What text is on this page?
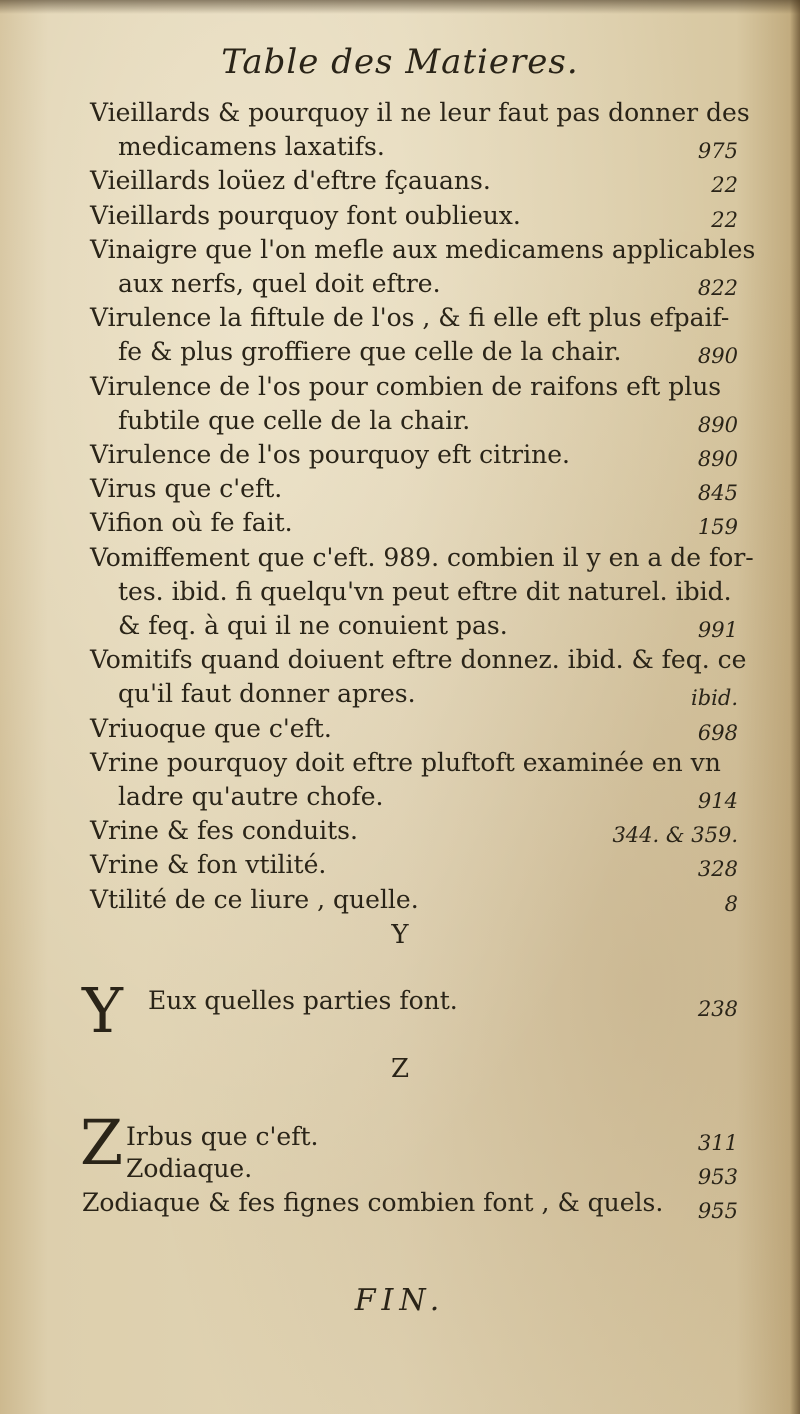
Table des Matieres.
Vieillards & pourquoy il ne leur faut pas donner des
medicamens laxatifs.	975
Vieillards loüez d'eftre fçauans.	22
Vieillards pourquoy font oublieux.	22
Vinaigre que l'on mefle aux medicamens applicables
aux nerfs, quel doit eftre.	822
Virulence la fiftule de l'os , & fi elle eft plus efpaif-
fe & plus groffiere que celle de la chair.	890
Virulence de l'os pour combien de raifons eft plus
fubtile que celle de la chair.	890
Virulence de l'os pourquoy eft citrine.	890
Virus que c'eft.	845
Vifion où fe fait.	159
Vomiffement que c'eft. 989. combien il y en a de for-
tes. ibid. fi quelqu'vn peut eftre dit naturel. ibid.
& feq. à qui il ne conuient pas.	991
Vomitifs quand doiuent eftre donnez. ibid. & feq. ce
qu'il faut donner apres.	ibid.
Vriuoque que c'eft.	698
Vrine pourquoy doit eftre pluftoft examinée en vn
ladre qu'autre chofe.	914
Vrine & fes conduits.	344. & 359.
Vrine & fon vtilité.	328
Vtilité de ce liure , quelle.	8
Y
Y Eux quelles parties font.	238
Z
Z Irbus que c'eft.	311
Zodiaque.	953
Zodiaque & fes fignes combien font , & quels.	955
FIN.
